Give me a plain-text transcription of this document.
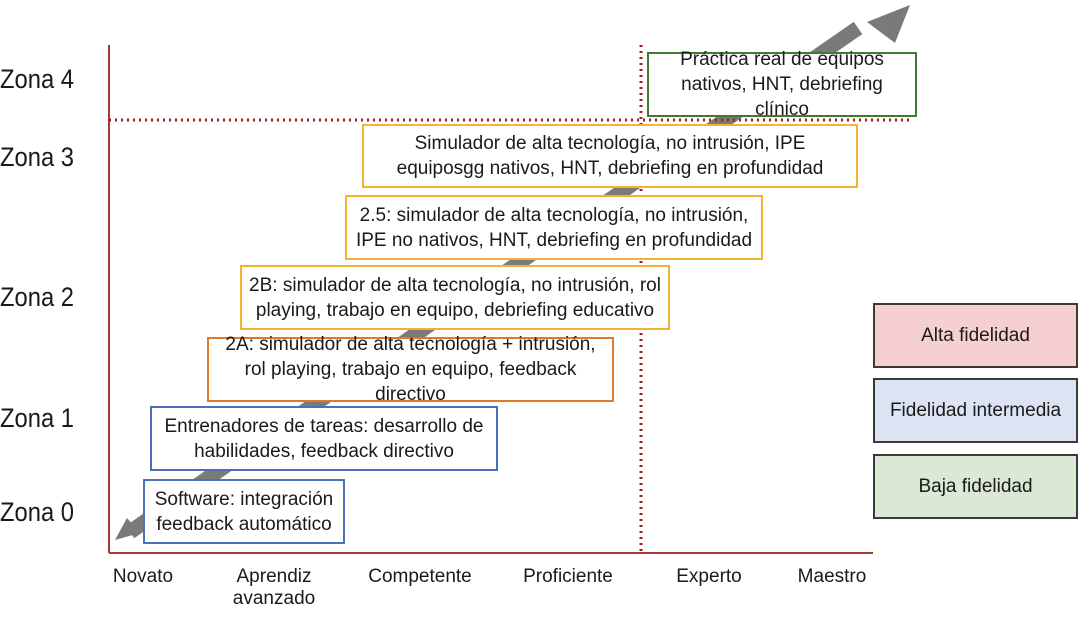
Zona 4
Zona 3
Zona 2
Zona 1
Zona 0
Novato	Aprendiz avanzado
Competente	Proficiente	Experto	Maestro
Software: integración feedback automático
Entrenadores de tareas: desarrollo de habilidades, feedback directivo
2A: simulador de alta tecnología + intrusión, rol playing, trabajo en equipo, feedback directivo
2B: simulador de alta tecnología, no intrusión, rol playing, trabajo en equipo, debriefing educativo
2.5: simulador de alta tecnología, no intrusión, IPE no nativos, HNT, debriefing en profundidad
Simulador de alta tecnología, no intrusión, IPE equiposgg nativos, HNT, debriefing en profundidad
Práctica real de equipos nativos, HNT, debriefing clínico
Alta fidelidad
Fidelidad intermedia
Baja fidelidad
